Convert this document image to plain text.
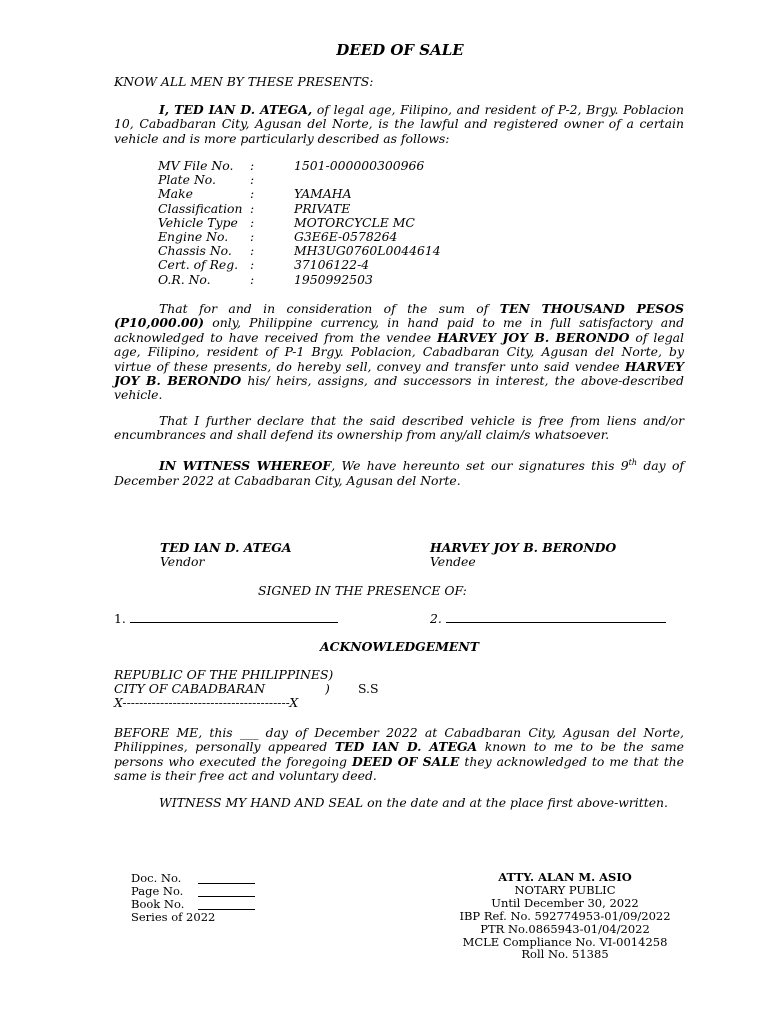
DEED OF SALE
KNOW ALL MEN BY THESE PRESENTS:
I, TED IAN D. ATEGA, of legal age, Filipino, and resident of P-2, Brgy. Poblacion 10, Cabadbaran City, Agusan del Norte, is the lawful and registered owner of a certain vehicle and is more particularly described as follows:
MV File No. :	1501-000000300966
Plate No.	:
Make	:	YAMAHA
Classification :	PRIVATE
Vehicle Type :	MOTORCYCLE MC
Engine No. :	G3E6E-0578264
Chassis No. :	MH3UG0760L0044614
Cert. of Reg. :	37106122-4
O.R. No.	:	1950992503
That for and in consideration of the sum of TEN THOUSAND PESOS (P10,000.00) only, Philippine currency, in hand paid to me in full satisfactory and acknowledged to have received from the vendee HARVEY JOY B. BERONDO of legal age, Filipino, resident of P-1 Brgy. Poblacion, Cabadbaran City, Agusan del Norte, by virtue of these presents, do hereby sell, convey and transfer unto said vendee HARVEY JOY B. BERONDO his/ heirs, assigns, and successors in interest, the above-described vehicle.
That I further declare that the said described vehicle is free from liens and/or encumbrances and shall defend its ownership from any/all claim/s whatsoever.
IN WITNESS WHEREOF, We have hereunto set our signatures this 9th day of December 2022 at Cabadbaran City, Agusan del Norte.
TED IAN D. ATEGA
Vendor
HARVEY JOY B. BERONDO
Vendee
SIGNED IN THE PRESENCE OF:
1.	2.
ACKNOWLEDGEMENT
REPUBLIC OF THE PHILIPPINES)
CITY OF CABADBARAN	) S.S
X----------------------------------------X
BEFORE ME, this ___ day of December 2022 at Cabadbaran City, Agusan del Norte, Philippines, personally appeared TED IAN D. ATEGA known to me to be the same persons who executed the foregoing DEED OF SALE they acknowledged to me that the same is their free act and voluntary deed.
WITNESS MY HAND AND SEAL on the date and at the place first above-written.
Doc. No.
Page No.
Book No.
Series of 2022
ATTY. ALAN M. ASIO
NOTARY PUBLIC
Until December 30, 2022
IBP Ref. No. 592774953-01/09/2022
PTR No.0865943-01/04/2022
MCLE Compliance No. VI-0014258
Roll No. 51385
